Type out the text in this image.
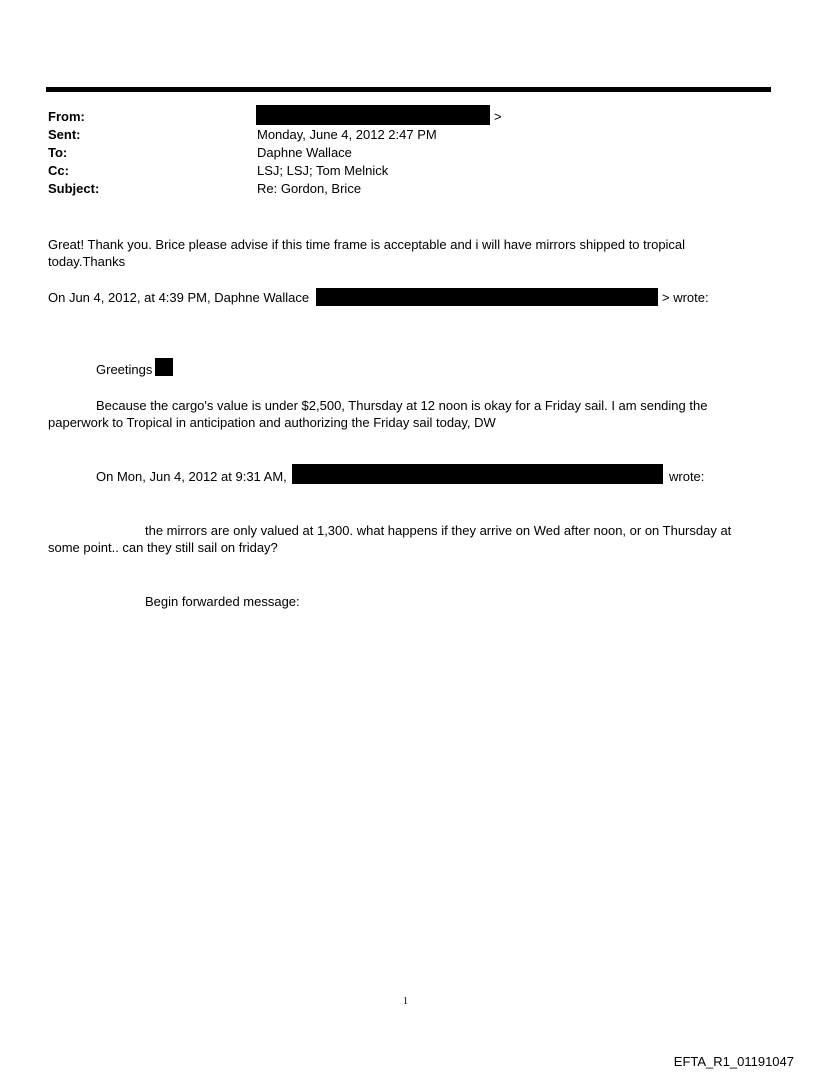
From:	>
Sent:	Monday, June 4, 2012 2:47 PM
To:	Daphne Wallace
Cc:	LSJ; LSJ; Tom Melnick
Subject:	Re: Gordon, Brice
Great! Thank you. Brice please advise if this time frame is acceptable and i will have mirrors shipped to tropical
today.Thanks
On Jun 4, 2012, at 4:39 PM, Daphne Wallace	> wrote:
Greetings
Because the cargo's value is under $2,500, Thursday at 12 noon is okay for a Friday sail. I am sending the
paperwork to Tropical in anticipation and authorizing the Friday sail today, DW
On Mon, Jun 4, 2012 at 9:31 AM,	wrote:
the mirrors are only valued at 1,300. what happens if they arrive on Wed after noon, or on Thursday at
some point.. can they still sail on friday?
Begin forwarded message:
1
EFTA_R1_01191047
